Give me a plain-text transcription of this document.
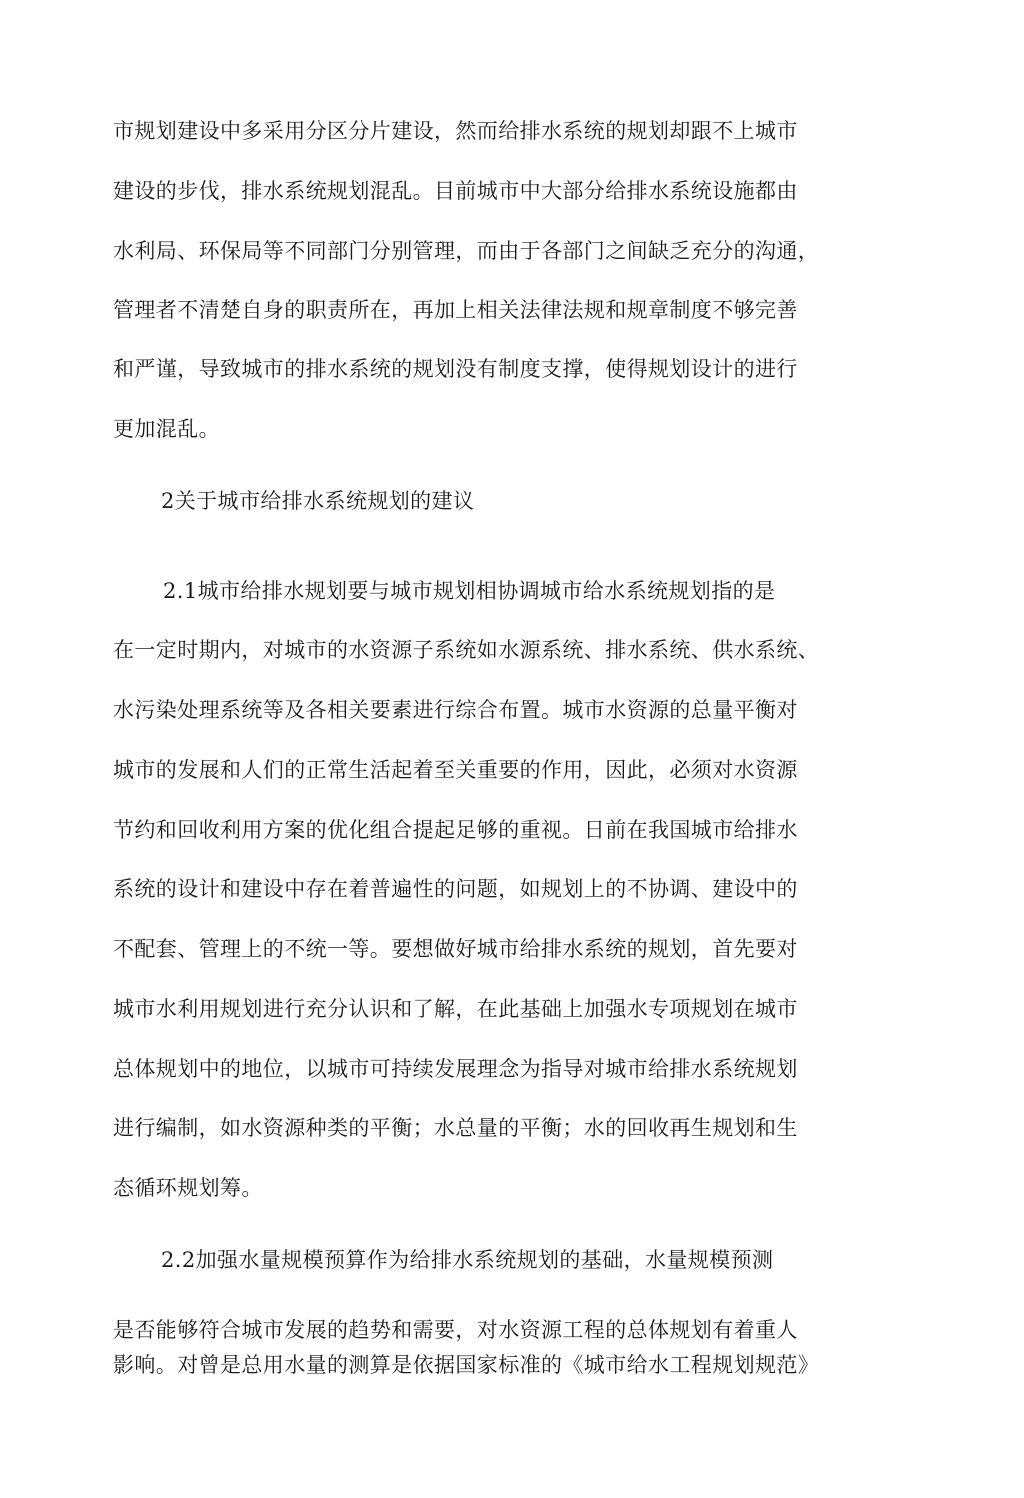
市规划建设中多采用分区分片建设，然而给排水系统的规划却跟不上城市
建设的步伐，排水系统规划混乱。目前城市中大部分给排水系统设施都由
水利局、环保局等不同部门分别管理，而由于各部门之间缺乏充分的沟通，
管理者不清楚自身的职责所在，再加上相关法律法规和规章制度不够完善
和严谨，导致城市的排水系统的规划没有制度支撑，使得规划设计的进行
更加混乱。
2关于城市给排水系统规划的建议
2.1城市给排水规划要与城市规划相协调城市给水系统规划指的是
在一定时期内，对城市的水资源子系统如水源系统、排水系统、供水系统、
水污染处理系统等及各相关要素进行综合布置。城市水资源的总量平衡对
城市的发展和人们的正常生活起着至关重要的作用，因此，必须对水资源
节约和回收利用方案的优化组合提起足够的重视。日前在我国城市给排水
系统的设计和建设中存在着普遍性的问题，如规划上的不协调、建设中的
不配套、管理上的不统一等。要想做好城市给排水系统的规划，首先要对
城市水利用规划进行充分认识和了解，在此基础上加强水专项规划在城市
总体规划中的地位，以城市可持续发展理念为指导对城市给排水系统规划
进行编制，如水资源种类的平衡；水总量的平衡；水的回收再生规划和生
态循环规划筹。
2.2加强水量规模预算作为给排水系统规划的基础，水量规模预测
是否能够符合城市发展的趋势和需要，对水资源工程的总体规划有着重人
影响。对曾是总用水量的测算是依据国家标准的《城市给水工程规划规范》
